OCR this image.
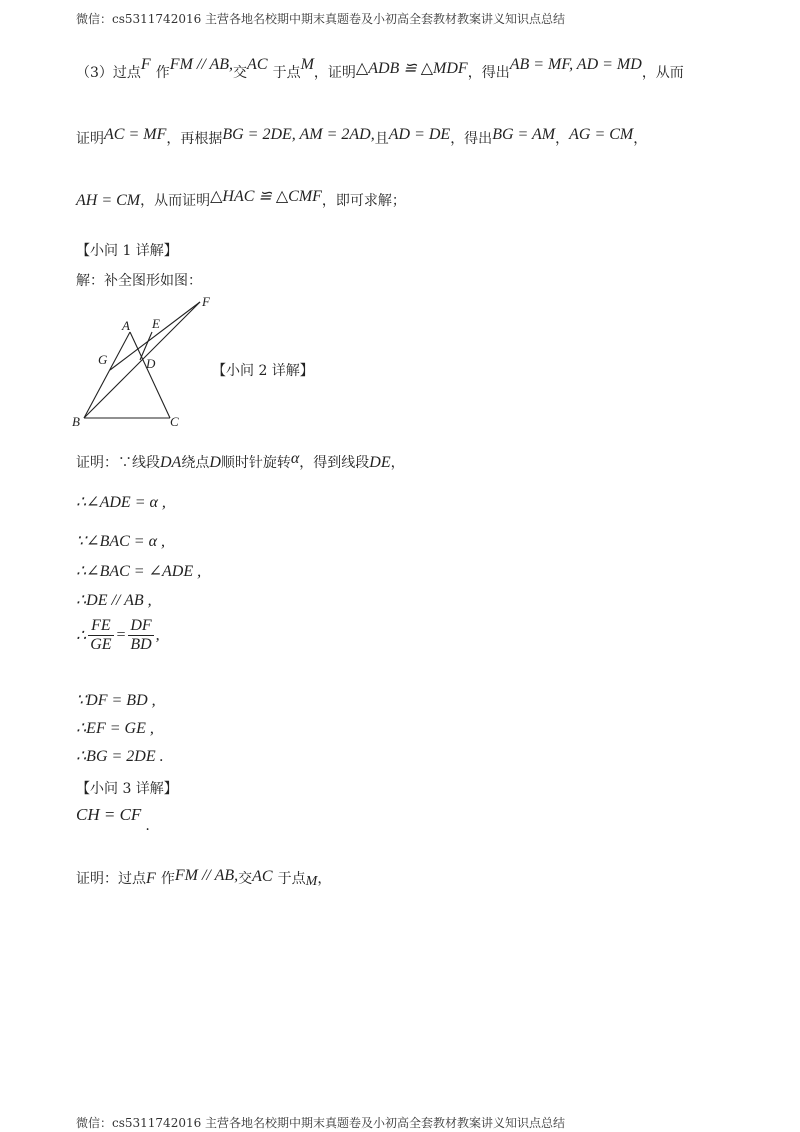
微信：cs5311742016 主营各地名校期中期末真题卷及小初高全套教材教案讲义知识点总结
（3）过点F 作FM // AB,交AC 于点M，证明△ADB ≌ △MDF，得出AB = MF, AD = MD，从而
证明AC = MF，再根据BG = 2DE, AM = 2AD,且AD = DE，得出BG = AM，AG = CM，
AH = CM，从而证明△HAC ≌ △CMF，即可求解；
【小问 1 详解】
解：补全图形如图：
A E
F
G	D
B	C
【小问 2 详解】
证明：∵线段DA绕点D顺时针旋转α，得到线段DE，
∴∠ADE = α ,
∵∠BAC = α ,
∴∠BAC = ∠ADE ,
∴DE // AB ,
∴ $\frac{FE}{GE} = \frac{DF}{BD}$ ,
∵DF = BD ,
∴EF = GE ,
∴BG = 2DE .
【小问 3 详解】
CH = CF.
证明：过点F 作FM // AB,交AC 于点M，
微信：cs5311742016 主营各地名校期中期末真题卷及小初高全套教材教案讲义知识点总结
